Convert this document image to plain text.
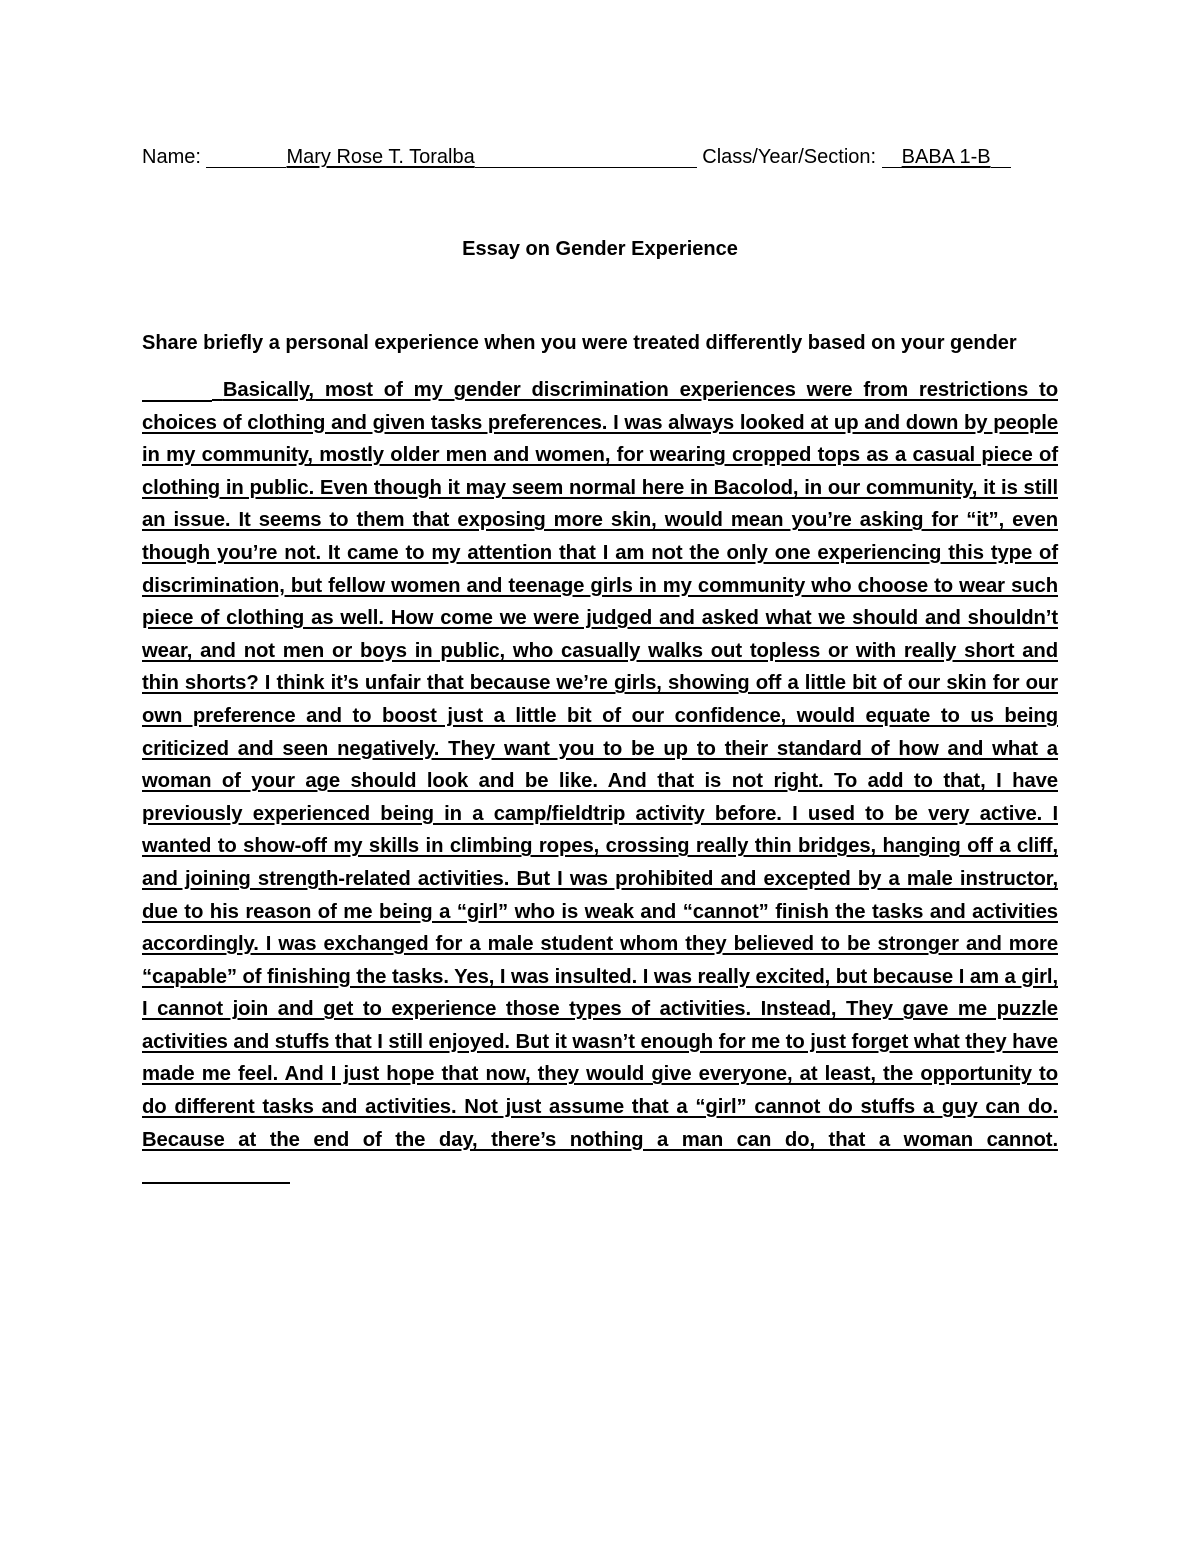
Name:	Mary Rose T. Toralba	Class/Year/Section: BABA 1-B
Essay on Gender Experience
Share briefly a personal experience when you were treated differently based on your gender
Basically, most of my gender discrimination experiences were from restrictions to choices of clothing and given tasks preferences. I was always looked at up and down by people in my community, mostly older men and women, for wearing cropped tops as a casual piece of clothing in public. Even though it may seem normal here in Bacolod, in our community, it is still an issue. It seems to them that exposing more skin, would mean you’re asking for “it”, even though you’re not. It came to my attention that I am not the only one experiencing this type of discrimination, but fellow women and teenage girls in my community who choose to wear such piece of clothing as well. How come we were judged and asked what we should and shouldn’t wear, and not men or boys in public, who casually walks out topless or with really short and thin shorts? I think it’s unfair that because we’re girls, showing off a little bit of our skin for our own preference and to boost just a little bit of our confidence, would equate to us being criticized and seen negatively. They want you to be up to their standard of how and what a woman of your age should look and be like. And that is not right. To add to that, I have previously experienced being in a camp/fieldtrip activity before. I used to be very active. I wanted to show-off my skills in climbing ropes, crossing really thin bridges, hanging off a cliff, and joining strength-related activities. But I was prohibited and excepted by a male instructor, due to his reason of me being a “girl” who is weak and “cannot” finish the tasks and activities accordingly. I was exchanged for a male student whom they believed to be stronger and more “capable” of finishing the tasks. Yes, I was insulted. I was really excited, but because I am a girl, I cannot join and get to experience those types of activities. Instead, They gave me puzzle activities and stuffs that I still enjoyed. But it wasn’t enough for me to just forget what they have made me feel. And I just hope that now, they would give everyone, at least, the opportunity to do different tasks and activities. Not just assume that a “girl” cannot do stuffs a guy can do. Because at the end of the day, there’s nothing a man can do, that a woman cannot.
